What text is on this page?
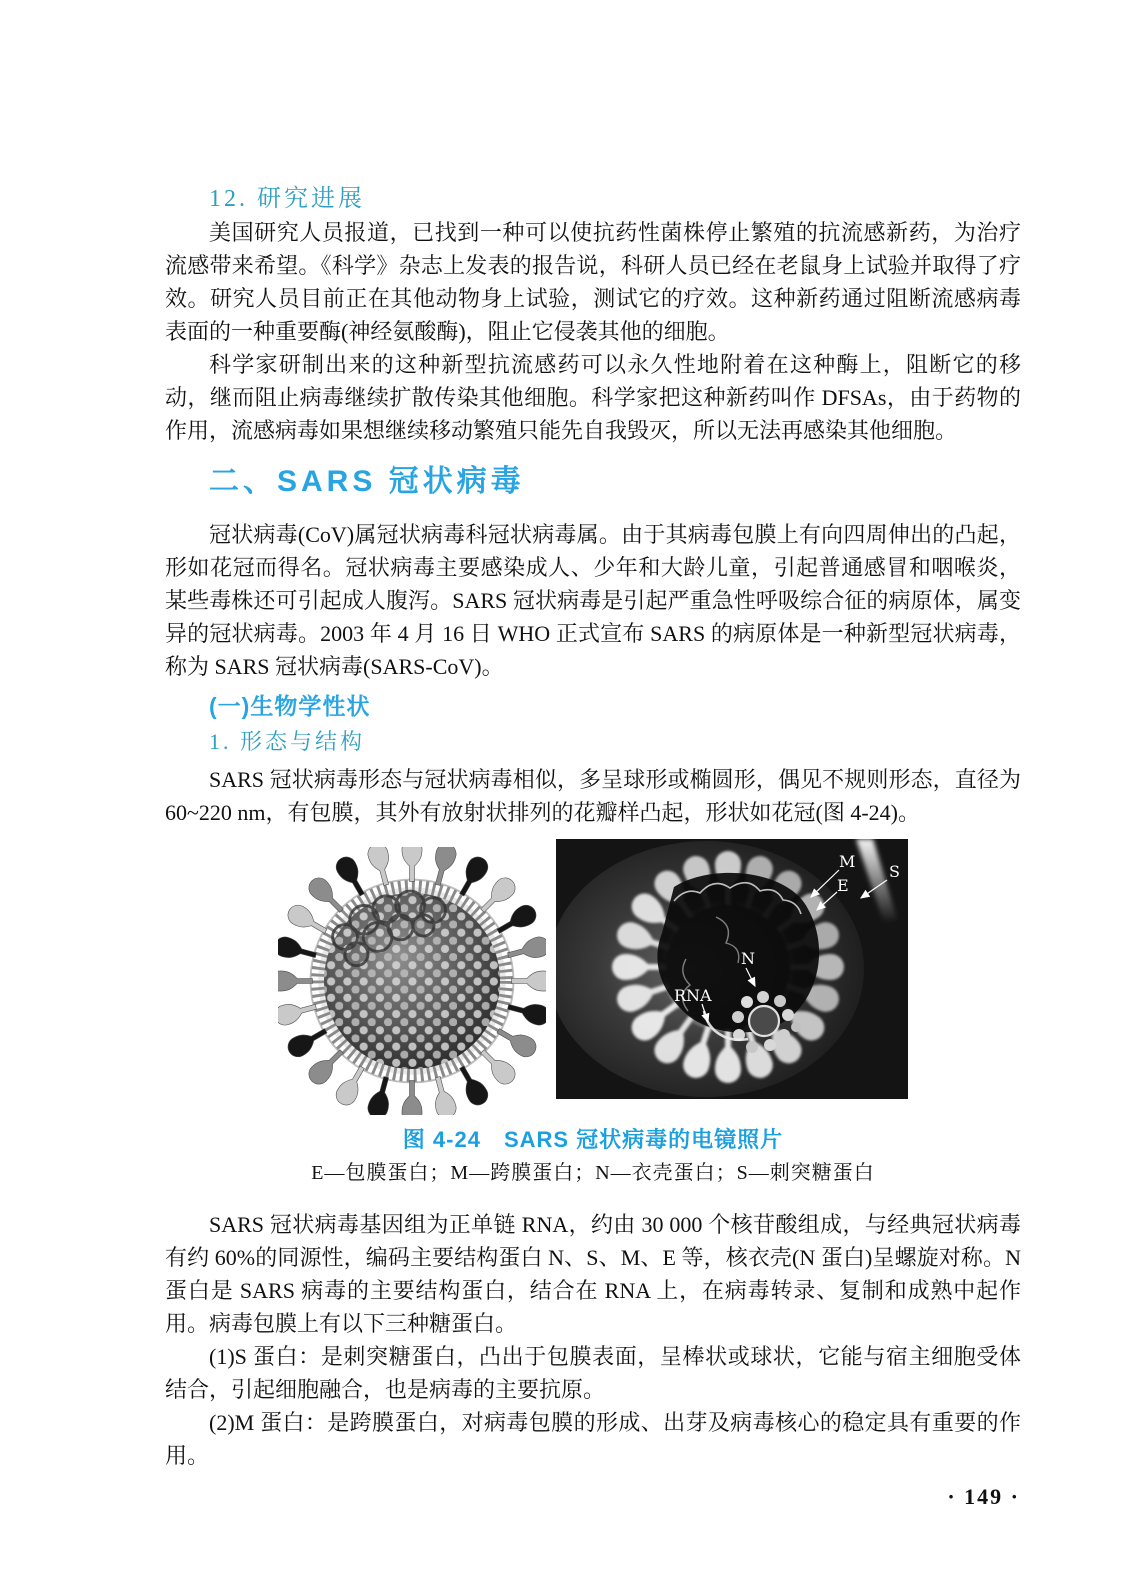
12. 研究进展

美国研究人员报道，已找到一种可以使抗药性菌株停止繁殖的抗流感新药，为治疗流感带来希望。《科学》杂志上发表的报告说，科研人员已经在老鼠身上试验并取得了疗效。研究人员目前正在其他动物身上试验，测试它的疗效。这种新药通过阻断流感病毒表面的一种重要酶(神经氨酸酶)，阻止它侵袭其他的细胞。

科学家研制出来的这种新型抗流感药可以永久性地附着在这种酶上，阻断它的移动，继而阻止病毒继续扩散传染其他细胞。科学家把这种新药叫作 DFSAs，由于药物的作用，流感病毒如果想继续移动繁殖只能先自我毁灭，所以无法再感染其他细胞。

二、SARS 冠状病毒

冠状病毒(CoV)属冠状病毒科冠状病毒属。由于其病毒包膜上有向四周伸出的凸起，形如花冠而得名。冠状病毒主要感染成人、少年和大龄儿童，引起普通感冒和咽喉炎，某些毒株还可引起成人腹泻。SARS 冠状病毒是引起严重急性呼吸综合征的病原体，属变异的冠状病毒。2003 年 4 月 16 日 WHO 正式宣布 SARS 的病原体是一种新型冠状病毒，称为 SARS 冠状病毒(SARS-CoV)。

(一)生物学性状
1. 形态与结构

SARS 冠状病毒形态与冠状病毒相似，多呈球形或椭圆形，偶见不规则形态，直径为 60~220 nm，有包膜，其外有放射状排列的花瓣样凸起，形状如花冠(图 4-24)。

M
E
S
N
RNA
图 4-24　SARS 冠状病毒的电镜照片
E—包膜蛋白；M—跨膜蛋白；N—衣壳蛋白；S—刺突糖蛋白

SARS 冠状病毒基因组为正单链 RNA，约由 30 000 个核苷酸组成，与经典冠状病毒有约 60%的同源性，编码主要结构蛋白 N、S、M、E 等，核衣壳(N 蛋白)呈螺旋对称。N 蛋白是 SARS 病毒的主要结构蛋白，结合在 RNA 上，在病毒转录、复制和成熟中起作用。病毒包膜上有以下三种糖蛋白。

(1)S 蛋白：是刺突糖蛋白，凸出于包膜表面，呈棒状或球状，它能与宿主细胞受体结合，引起细胞融合，也是病毒的主要抗原。

(2)M 蛋白：是跨膜蛋白，对病毒包膜的形成、出芽及病毒核心的稳定具有重要的作用。

· 149 ·
